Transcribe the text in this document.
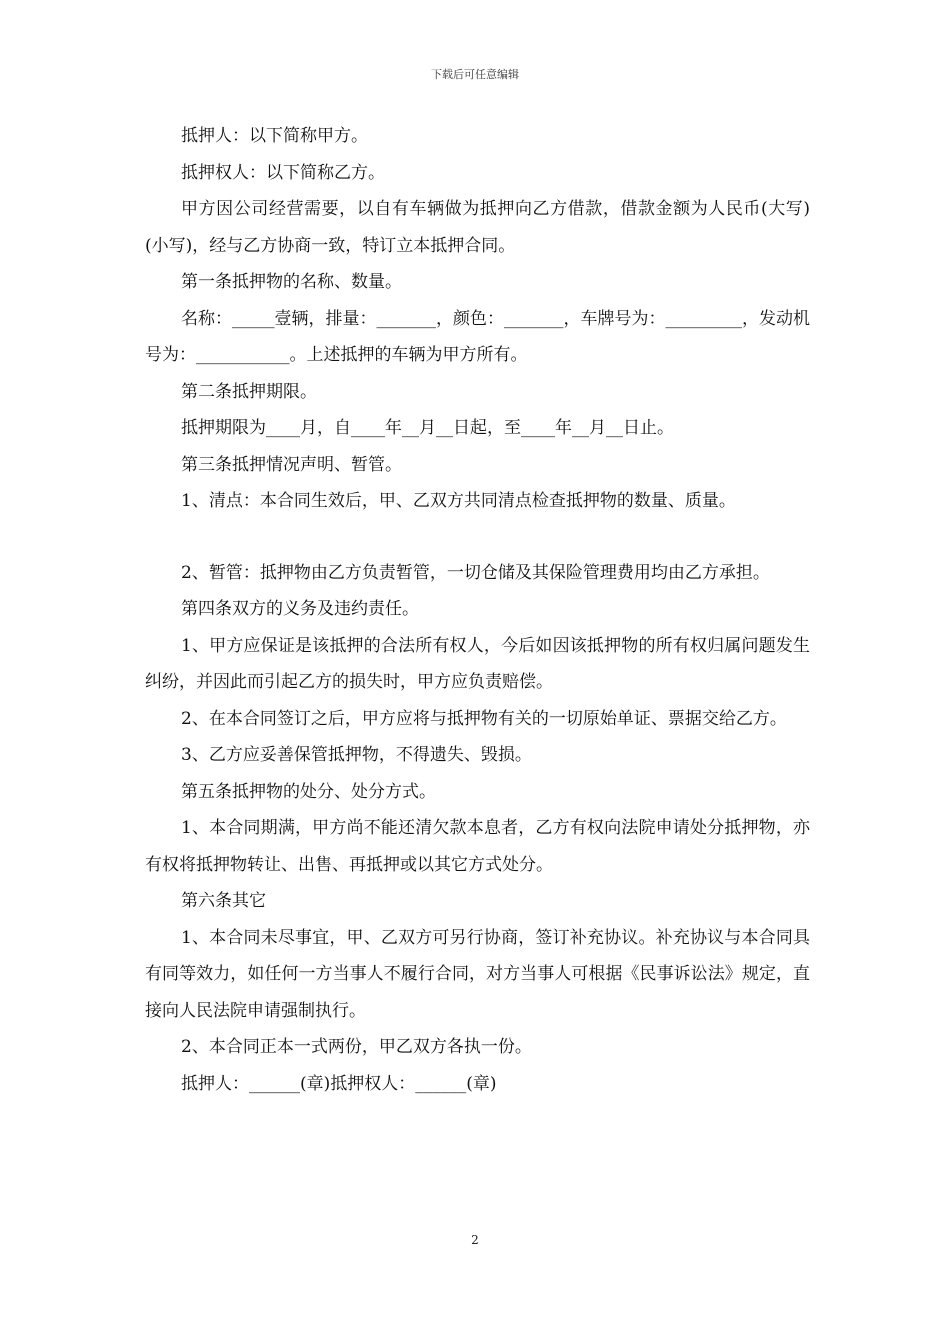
下载后可任意编辑

抵押人：以下简称甲方。

抵押权人：以下简称乙方。

甲方因公司经营需要，以自有车辆做为抵押向乙方借款，借款金额为人民币(大写)(小写)，经与乙方协商一致，特订立本抵押合同。

第一条抵押物的名称、数量。

名称：_____壹辆，排量：_______，颜色：_______，车牌号为：_________，发动机号为：___________。上述抵押的车辆为甲方所有。

第二条抵押期限。

抵押期限为____月，自____年__月__日起，至____年__月__日止。

第三条抵押情况声明、暂管。

1、清点：本合同生效后，甲、乙双方共同清点检查抵押物的数量、质量。

2、暂管：抵押物由乙方负责暂管，一切仓储及其保险管理费用均由乙方承担。

第四条双方的义务及违约责任。

1、甲方应保证是该抵押的合法所有权人，今后如因该抵押物的所有权归属问题发生纠纷，并因此而引起乙方的损失时，甲方应负责赔偿。

2、在本合同签订之后，甲方应将与抵押物有关的一切原始单证、票据交给乙方。

3、乙方应妥善保管抵押物，不得遗失、毁损。

第五条抵押物的处分、处分方式。

1、本合同期满，甲方尚不能还清欠款本息者，乙方有权向法院申请处分抵押物，亦有权将抵押物转让、出售、再抵押或以其它方式处分。

第六条其它

1、本合同未尽事宜，甲、乙双方可另行协商，签订补充协议。补充协议与本合同具有同等效力，如任何一方当事人不履行合同，对方当事人可根据《民事诉讼法》规定，直接向人民法院申请强制执行。

2、本合同正本一式两份，甲乙双方各执一份。

抵押人：______(章)抵押权人：______(章)

2
